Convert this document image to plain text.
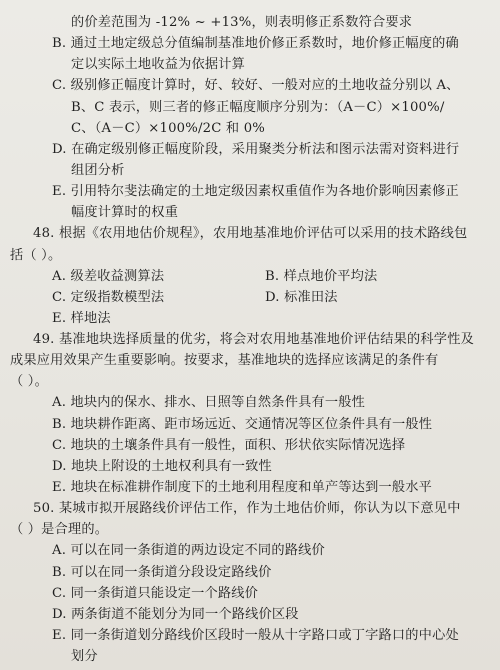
的价差范围为 -12% ~ +13%，则表明修正系数符合要求
B. 通过土地定级总分值编制基准地价修正系数时，地价修正幅度的确
定以实际土地收益为依据计算
C. 级别修正幅度计算时，好、较好、一般对应的土地收益分别以 A、
B、C 表示，则三者的修正幅度顺序分别为：（A－C）×100%/
C、（A－C）×100%/2C 和 0%
D. 在确定级别修正幅度阶段，采用聚类分析法和图示法需对资料进行
组团分析
E. 引用特尔斐法确定的土地定级因素权重值作为各地价影响因素修正
幅度计算时的权重
48. 根据《农用地估价规程》，农用地基准地价评估可以采用的技术路线包
括（ ）。
A. 级差收益测算法	B. 样点地价平均法
C. 定级指数模型法	D. 标准田法
E. 样地法
49. 基准地块选择质量的优劣，将会对农用地基准地价评估结果的科学性及
成果应用效果产生重要影响。按要求，基准地块的选择应该满足的条件有
（ ）。
A. 地块内的保水、排水、日照等自然条件具有一般性
B. 地块耕作距离、距市场远近、交通情况等区位条件具有一般性
C. 地块的土壤条件具有一般性，面积、形状依实际情况选择
D. 地块上附设的土地权利具有一致性
E. 地块在标准耕作制度下的土地利用程度和单产等达到一般水平
50. 某城市拟开展路线价评估工作，作为土地估价师，你认为以下意见中
（ ）是合理的。
A. 可以在同一条街道的两边设定不同的路线价
B. 可以在同一条街道分段设定路线价
C. 同一条街道只能设定一个路线价
D. 两条街道不能划分为同一个路线价区段
E. 同一条街道划分路线价区段时一般从十字路口或丁字路口的中心处
划分
